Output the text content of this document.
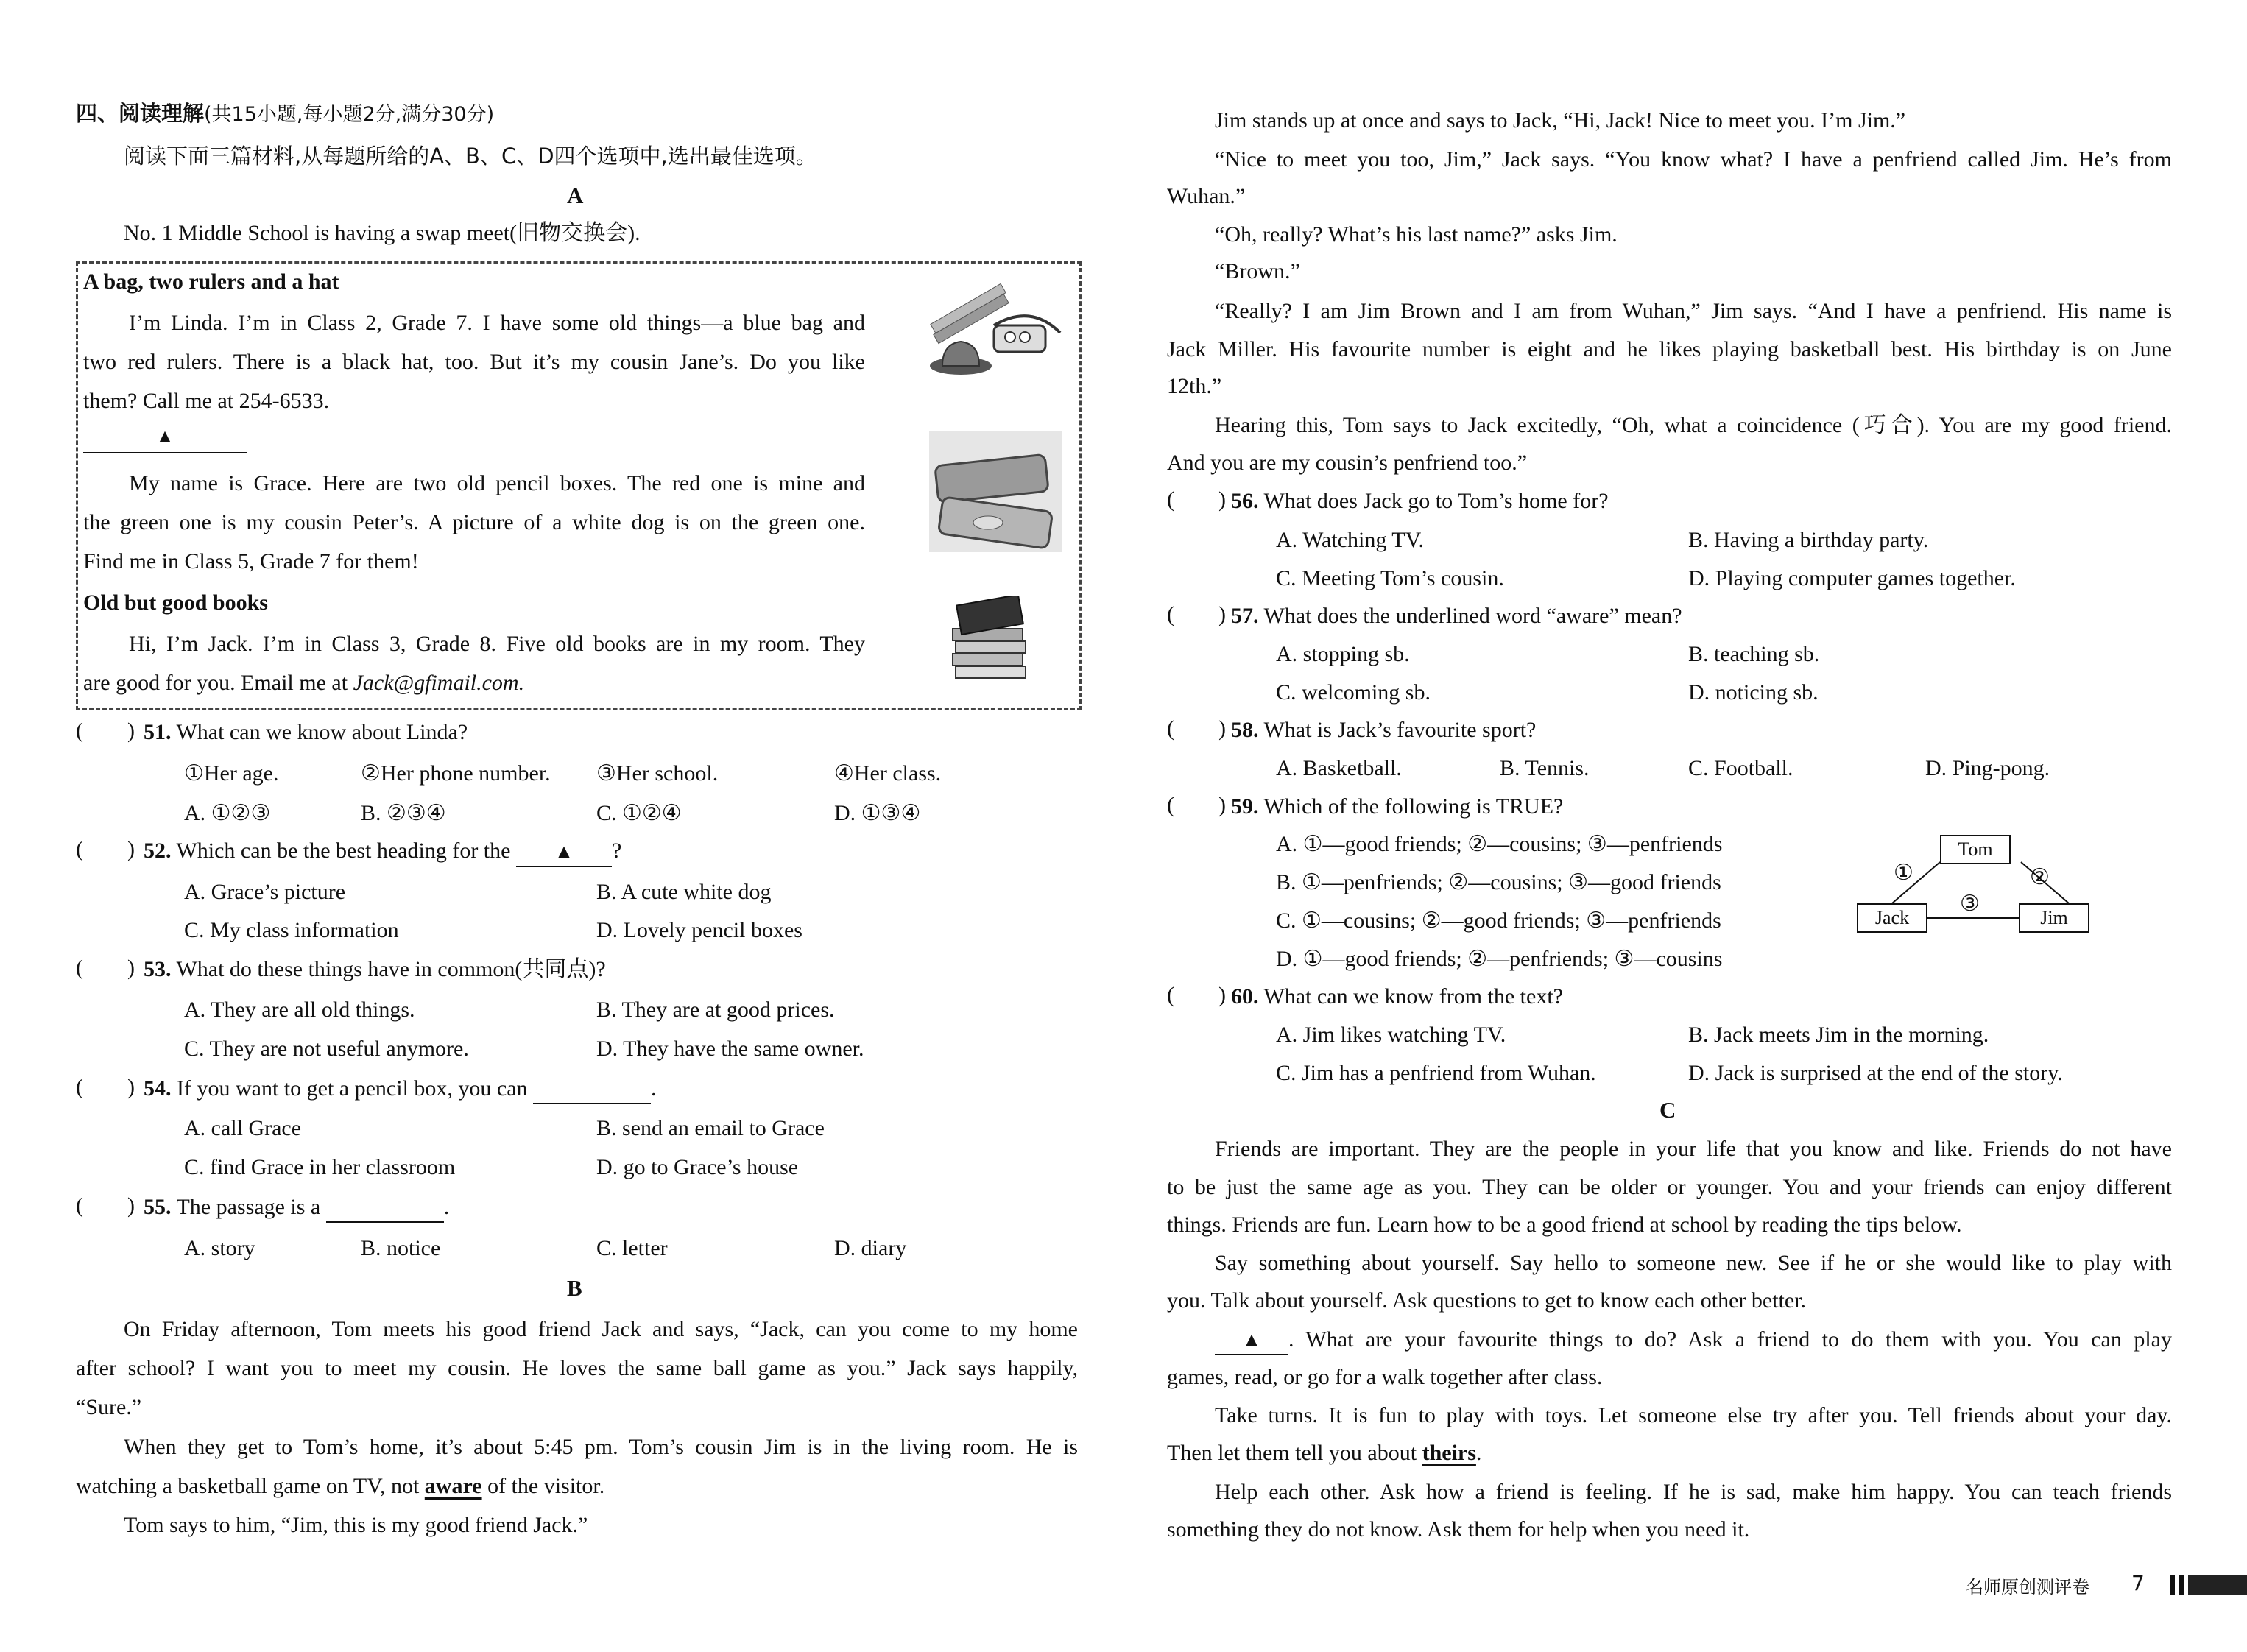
四、阅读理解(共15小题,每小题2分,满分30分)
阅读下面三篇材料,从每题所给的A、B、C、D四个选项中,选出最佳选项。
A
No. 1 Middle School is having a swap meet(旧物交换会).
A bag, two rulers and a hat
I’m Linda. I’m in Class 2, Grade 7. I have some old things—a blue bag and
two red rulers. There is a black hat, too. But it’s my cousin Jane’s. Do you like
them? Call me at 254-6533.
▲
My name is Grace. Here are two old pencil boxes. The red one is mine and
the green one is my cousin Peter’s. A picture of a white dog is on the green one.
Find me in Class 5, Grade 7 for them!
Old but good books
Hi, I’m Jack. I’m in Class 3, Grade 8. Five old books are in my room. They
are good for you. Email me at Jack@gfimail.com.
(        ) 51. What can we know about Linda?
①Her age.	②Her phone number. ③Her school.	④Her class.
A. ①②③	B. ②③④	C. ①②④	D. ①③④
(        ) 52. Which can be the best heading for the ▲ ?
A. Grace’s picture	B. A cute white dog
C. My class information	D. Lovely pencil boxes
(        ) 53. What do these things have in common(共同点)?
A. They are all old things.	B. They are at good prices.
C. They are not useful anymore.	D. They have the same owner.
(        ) 54. If you want to get a pencil box, you can	.
A. call Grace	B. send an email to Grace
C. find Grace in her classroom	D. go to Grace’s house
(        ) 55. The passage is a	.
A. story	B. notice	C. letter	D. diary
B
On Friday afternoon, Tom meets his good friend Jack and says, “Jack, can you come to my home
after school? I want you to meet my cousin. He loves the same ball game as you.” Jack says happily,
“Sure.”
When they get to Tom’s home, it’s about 5:45 pm. Tom’s cousin Jim is in the living room. He is
watching a basketball game on TV, not aware of the visitor.
Tom says to him, “Jim, this is my good friend Jack.”
Jim stands up at once and says to Jack, “Hi, Jack! Nice to meet you. I’m Jim.”
“Nice to meet you too, Jim,” Jack says. “You know what? I have a penfriend called Jim. He’s from
Wuhan.”
“Oh, really? What’s his last name?” asks Jim.
“Brown.”
“Really? I am Jim Brown and I am from Wuhan,” Jim says. “And I have a penfriend. His name is
Jack Miller. His favourite number is eight and he likes playing basketball best. His birthday is on June
12th.”
Hearing this, Tom says to Jack excitedly, “Oh, what a coincidence (巧合). You are my good friend.
And you are my cousin’s penfriend too.”
(        ) 56. What does Jack go to Tom’s home for?
A. Watching TV.	B. Having a birthday party.
C. Meeting Tom’s cousin.	D. Playing computer games together.
(        ) 57. What does the underlined word “aware” mean?
A. stopping sb.	B. teaching sb.
C. welcoming sb.	D. noticing sb.
(        ) 58. What is Jack’s favourite sport?
A. Basketball.	B. Tennis.	C. Football.	D. Ping-pong.
(        ) 59. Which of the following is TRUE?
A. ①—good friends; ②—cousins; ③—penfriends
B. ①—penfriends; ②—cousins; ③—good friends
C. ①—cousins; ②—good friends; ③—penfriends
D. ①—good friends; ②—penfriends; ③—cousins
Tom
Jack	Jim
①	②
③
(        ) 60. What can we know from the text?
A. Jim likes watching TV.	B. Jack meets Jim in the morning.
C. Jim has a penfriend from Wuhan.	D. Jack is surprised at the end of the story.
C
Friends are important. They are the people in your life that you know and like. Friends do not have
to be just the same age as you. They can be older or younger. You and your friends can enjoy different
things. Friends are fun. Learn how to be a good friend at school by reading the tips below.
Say something about yourself. Say hello to someone new. See if he or she would like to play with
you. Talk about yourself. Ask questions to get to know each other better.
▲	. What are your favourite things to do? Ask a friend to do them with you. You can play
games, read, or go for a walk together after class.
Take turns. It is fun to play with toys. Let someone else try after you. Tell friends about your day.
Then let them tell you about theirs.
Help each other. Ask how a friend is feeling. If he is sad, make him happy. You can teach friends
something they do not know. Ask them for help when you need it.
名师原创测评卷 7
